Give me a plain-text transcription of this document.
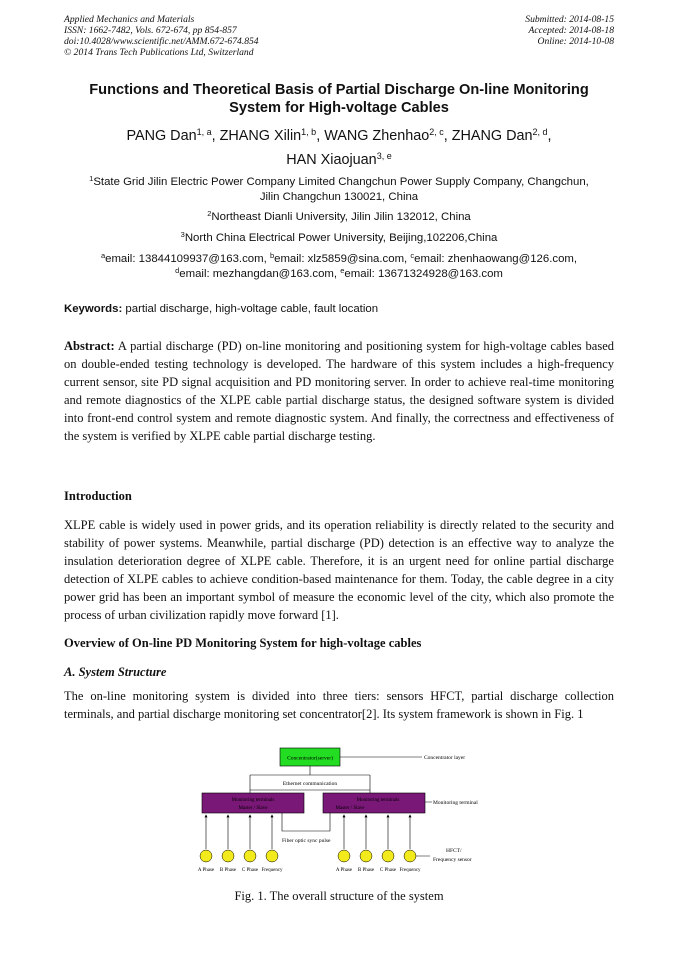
Applied Mechanics and Materials
ISSN: 1662-7482, Vols. 672-674, pp 854-857
doi:10.4028/www.scientific.net/AMM.672-674.854
© 2014 Trans Tech Publications Ltd, Switzerland
Submitted: 2014-08-15
Accepted: 2014-08-18
Online: 2014-10-08
Functions and Theoretical Basis of Partial Discharge On-line Monitoring
System for High-voltage Cables
PANG Dan$^{1, a}$, ZHANG Xilin$^{1, b}$, WANG Zhenhao$^{2, c}$, ZHANG Dan$^{2, d}$,
HAN Xiaojuan$^{3, e}$
$^1$State Grid Jilin Electric Power Company Limited Changchun Power Supply Company, Changchun,
Jilin Changchun 130021, China
$^2$Northeast Dianli University, Jilin Jilin 132012, China
$^3$North China Electrical Power University, Beijing,102206,China
$^a$email: 13844109937@163.com, $^b$email: xlz5859@sina.com, $^c$email: zhenhaowang@126.com,
$^d$email: mezhangdan@163.com, $^e$email: 13671324928@163.com
Keywords: partial discharge, high-voltage cable, fault location
Abstract: A partial discharge (PD) on-line monitoring and positioning system for high-voltage cables based on double-ended testing technology is developed. The hardware of this system includes a high-frequency current sensor, site PD signal acquisition and PD monitoring server. In order to achieve real-time monitoring and remote diagnostics of the XLPE cable partial discharge status, the designed software system is divided into front-end control system and remote diagnostic system. And finally, the correctness and effectiveness of the system is verified by XLPE cable partial discharge testing.
Introduction
XLPE cable is widely used in power grids, and its operation reliability is directly related to the security and stability of power systems. Meanwhile, partial discharge (PD) detection is an effective way to analyze the insulation deterioration degree of XLPE cable. Therefore, it is an urgent need for online partial discharge detection of XLPE cables to achieve condition-based maintenance for them. Today, the cable degree in a city power grid has been an important symbol of measure the economic level of the city, which also promote the process of urban civilization rapidly move forward [1].
Overview of On-line PD Monitoring System for high-voltage cables
A. System Structure
The on-line monitoring system is divided into three tiers: sensors HFCT, partial discharge collection terminals, and partial discharge monitoring set concentrator[2]. Its system framework is shown in Fig. 1
Concentrator(server)	Concentrator layer
Ethernet communication
Monitoring terminals
Master / Slave
Monitoring terminals
Master / Slave
Monitoring terminal
Fiber optic sync pulse
A Phase B Phase C Phase Frequency	A Phase B Phase C Phase Frequency
HFCT/
Frequency sensor
Fig. 1. The overall structure of the system
